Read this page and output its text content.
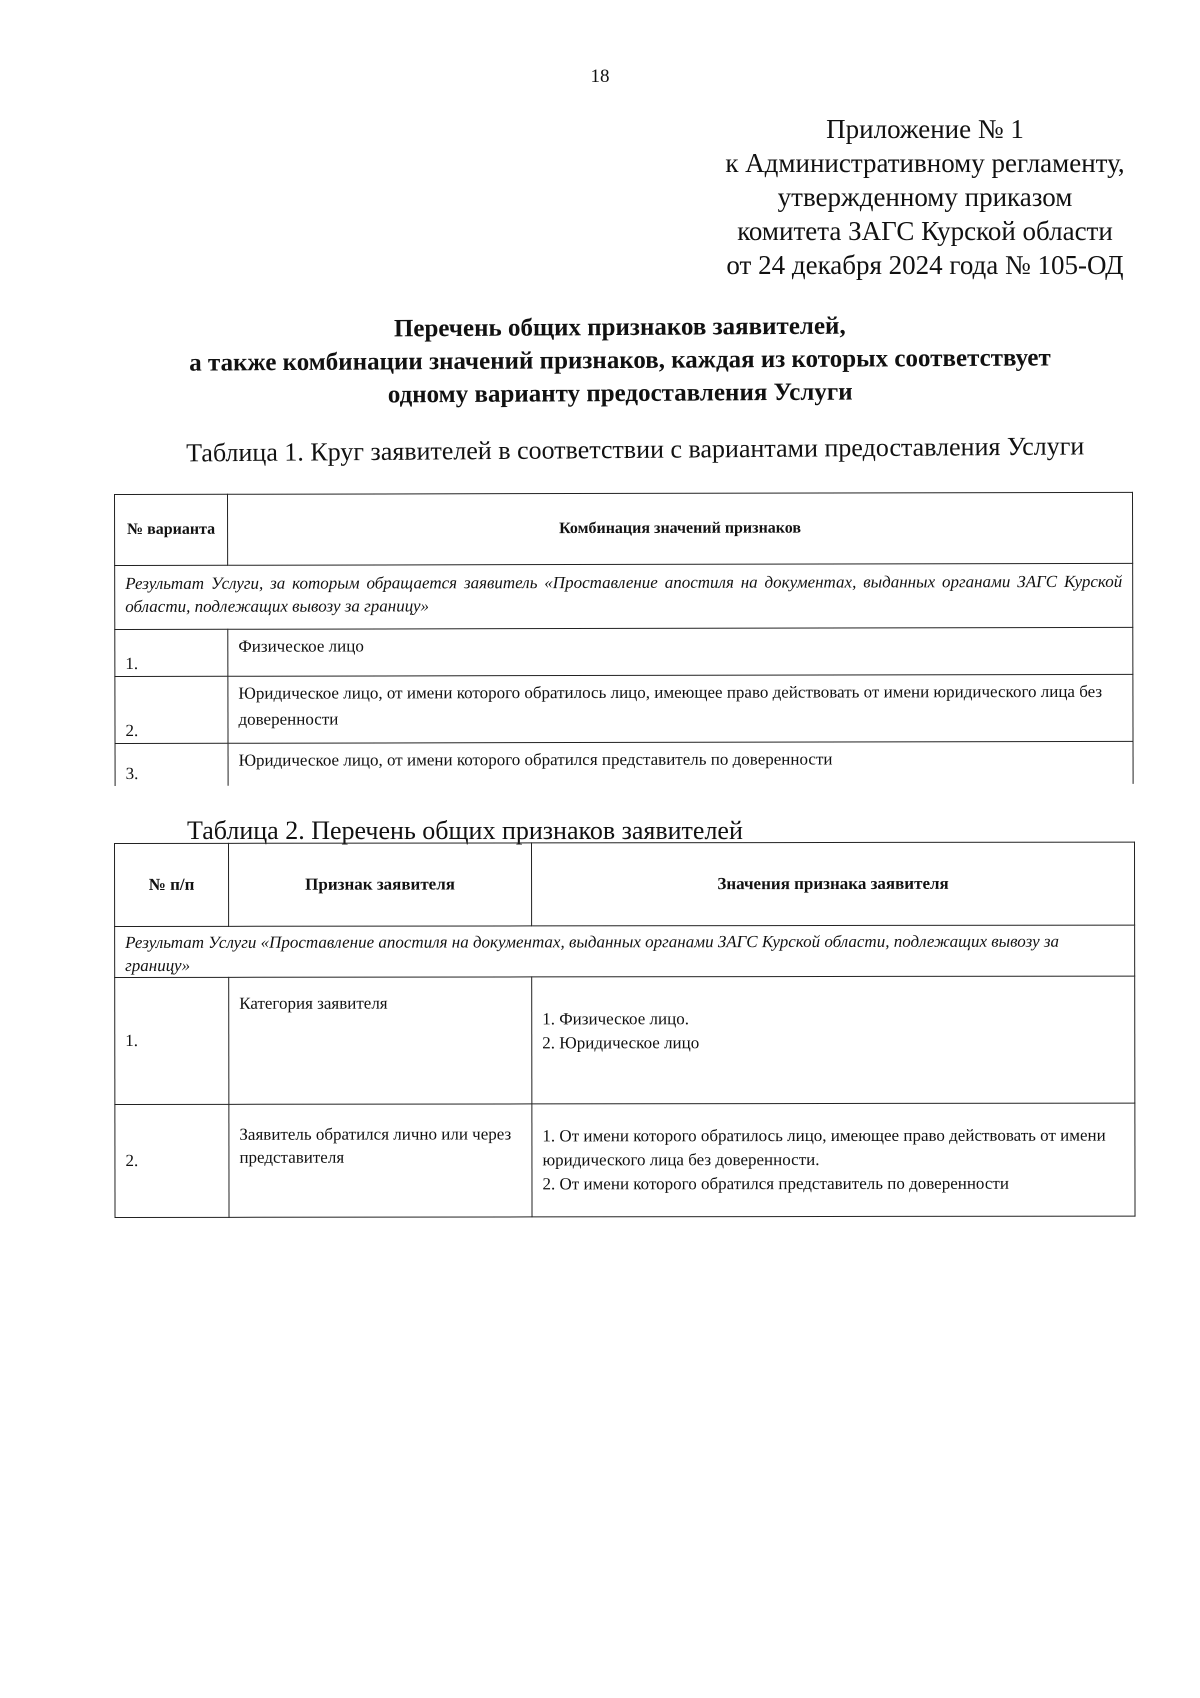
18
Приложение № 1
к Административному регламенту,
утвержденному приказом
комитета ЗАГС Курской области
от 24 декабря 2024 года № 105-ОД
Перечень общих признаков заявителей,
а также комбинации значений признаков, каждая из которых соответствует
одному варианту предоставления Услуги
Таблица 1. Круг заявителей в соответствии с вариантами предоставления Услуги
№ варианта	Комбинация значений признаков
Результат Услуги, за которым обращается заявитель «Проставление апостиля на документах, выданных органами ЗАГС Курской области, подлежащих вывозу за границу»	
1.	Физическое лицо
2.	Юридическое лицо, от имени которого обратилось лицо, имеющее право действовать от имени юридического лица без доверенности
3.	Юридическое лицо, от имени которого обратился представитель по доверенности
Таблица 2. Перечень общих признаков заявителей
№ п/п	Признак заявителя	Значения признака заявителя
Результат Услуги «Проставление апостиля на документах, выданных органами ЗАГС Курской области, подлежащих вывозу за границу»		
1.	Категория заявителя	1. Физическое лицо.
2. Юридическое лицо

2.	Заявитель обратился лично или через представителя	1. От имени которого обратилось лицо, имеющее право действовать от имени юридического лица без доверенности.
2. От имени которого обратился представитель по доверенности
